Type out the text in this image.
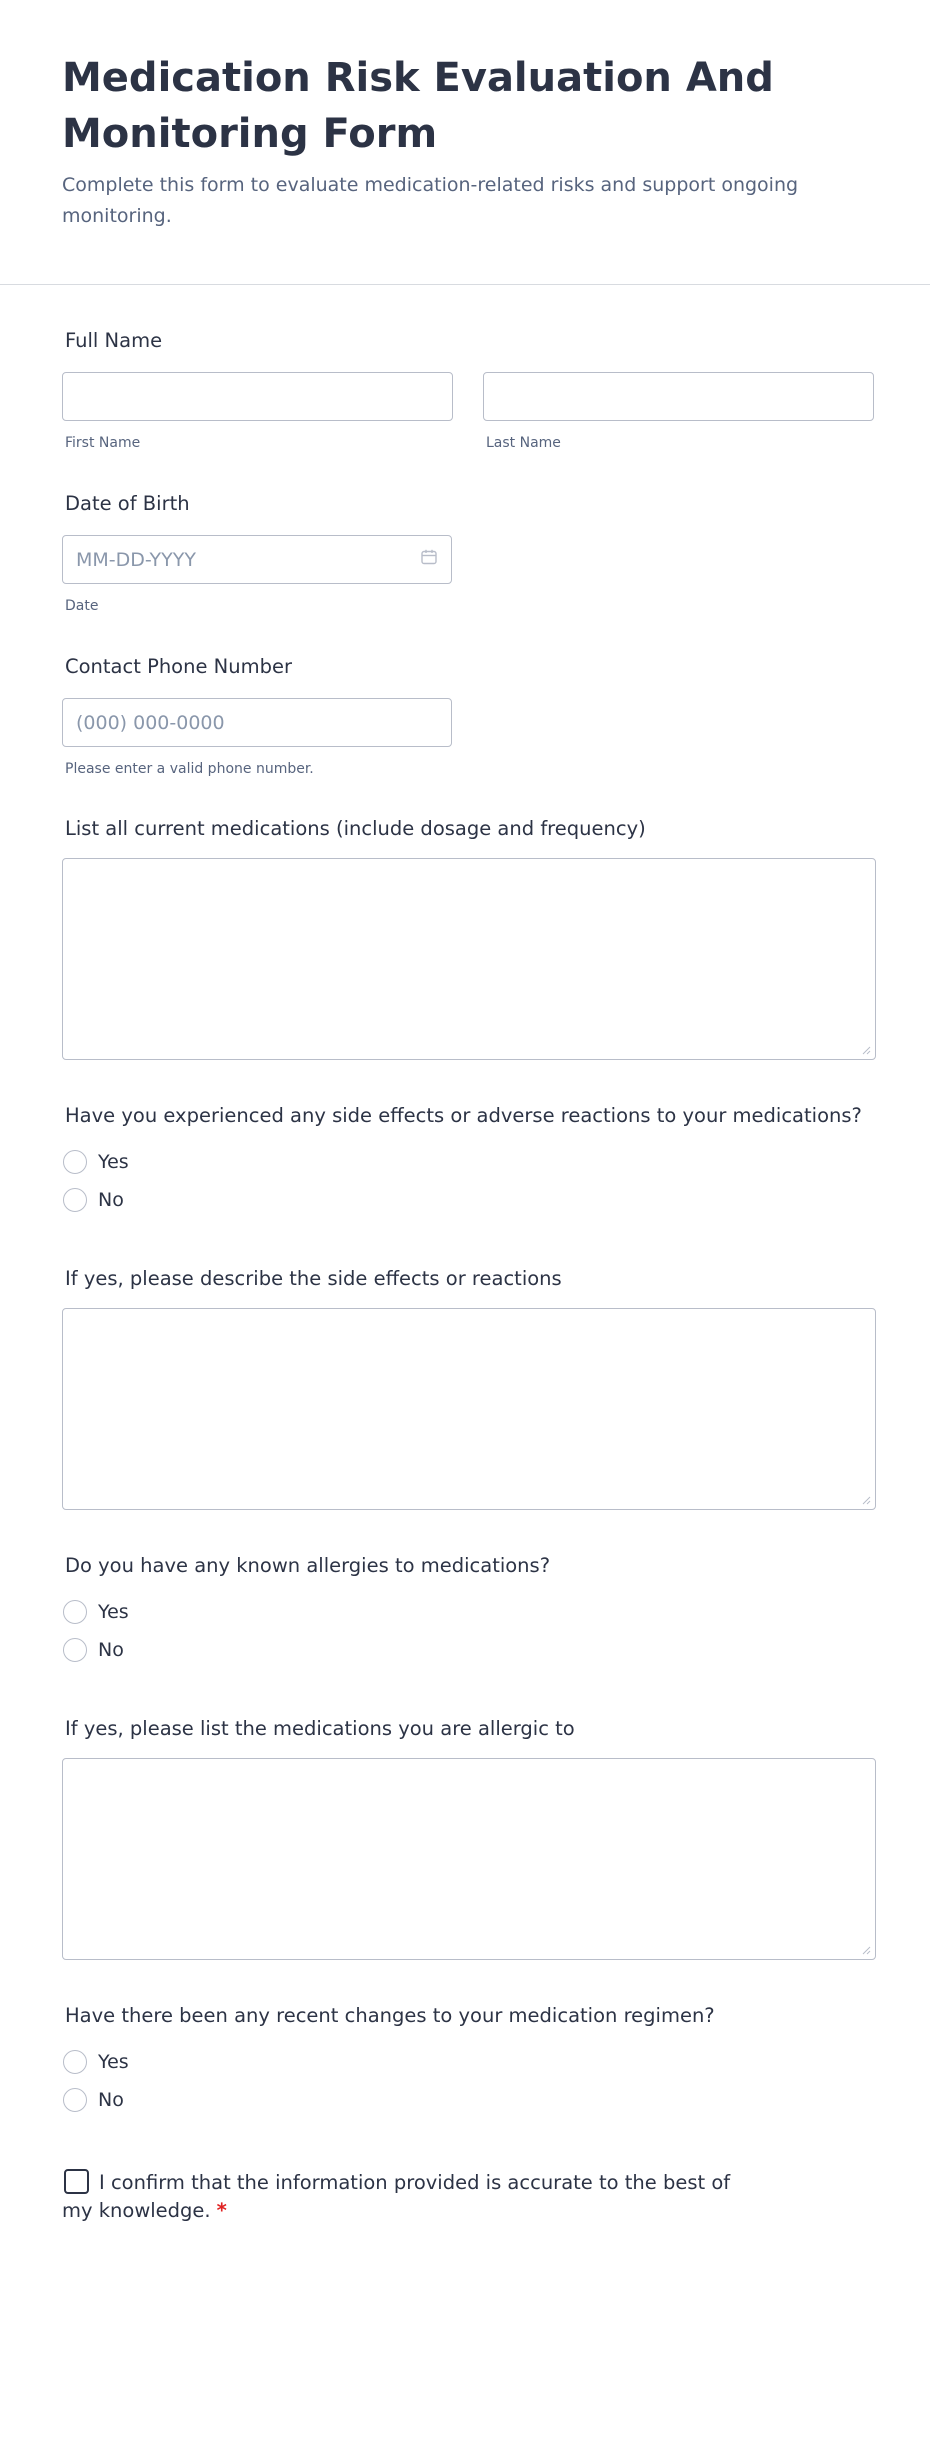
Medication Risk Evaluation And Monitoring Form

Complete this form to evaluate medication-related risks and support ongoing monitoring.

Full Name
First Name	Last Name
Date of Birth
MM-DD-YYYY
Date
Contact Phone Number
(000) 000-0000
Please enter a valid phone number.
List all current medications (include dosage and frequency)
Have you experienced any side effects or adverse reactions to your medications?
Yes
No
If yes, please describe the side effects or reactions
Do you have any known allergies to medications?
Yes
No
If yes, please list the medications you are allergic to
Have there been any recent changes to your medication regimen?
Yes
No
I confirm that the information provided is accurate to the best of my knowledge. *
